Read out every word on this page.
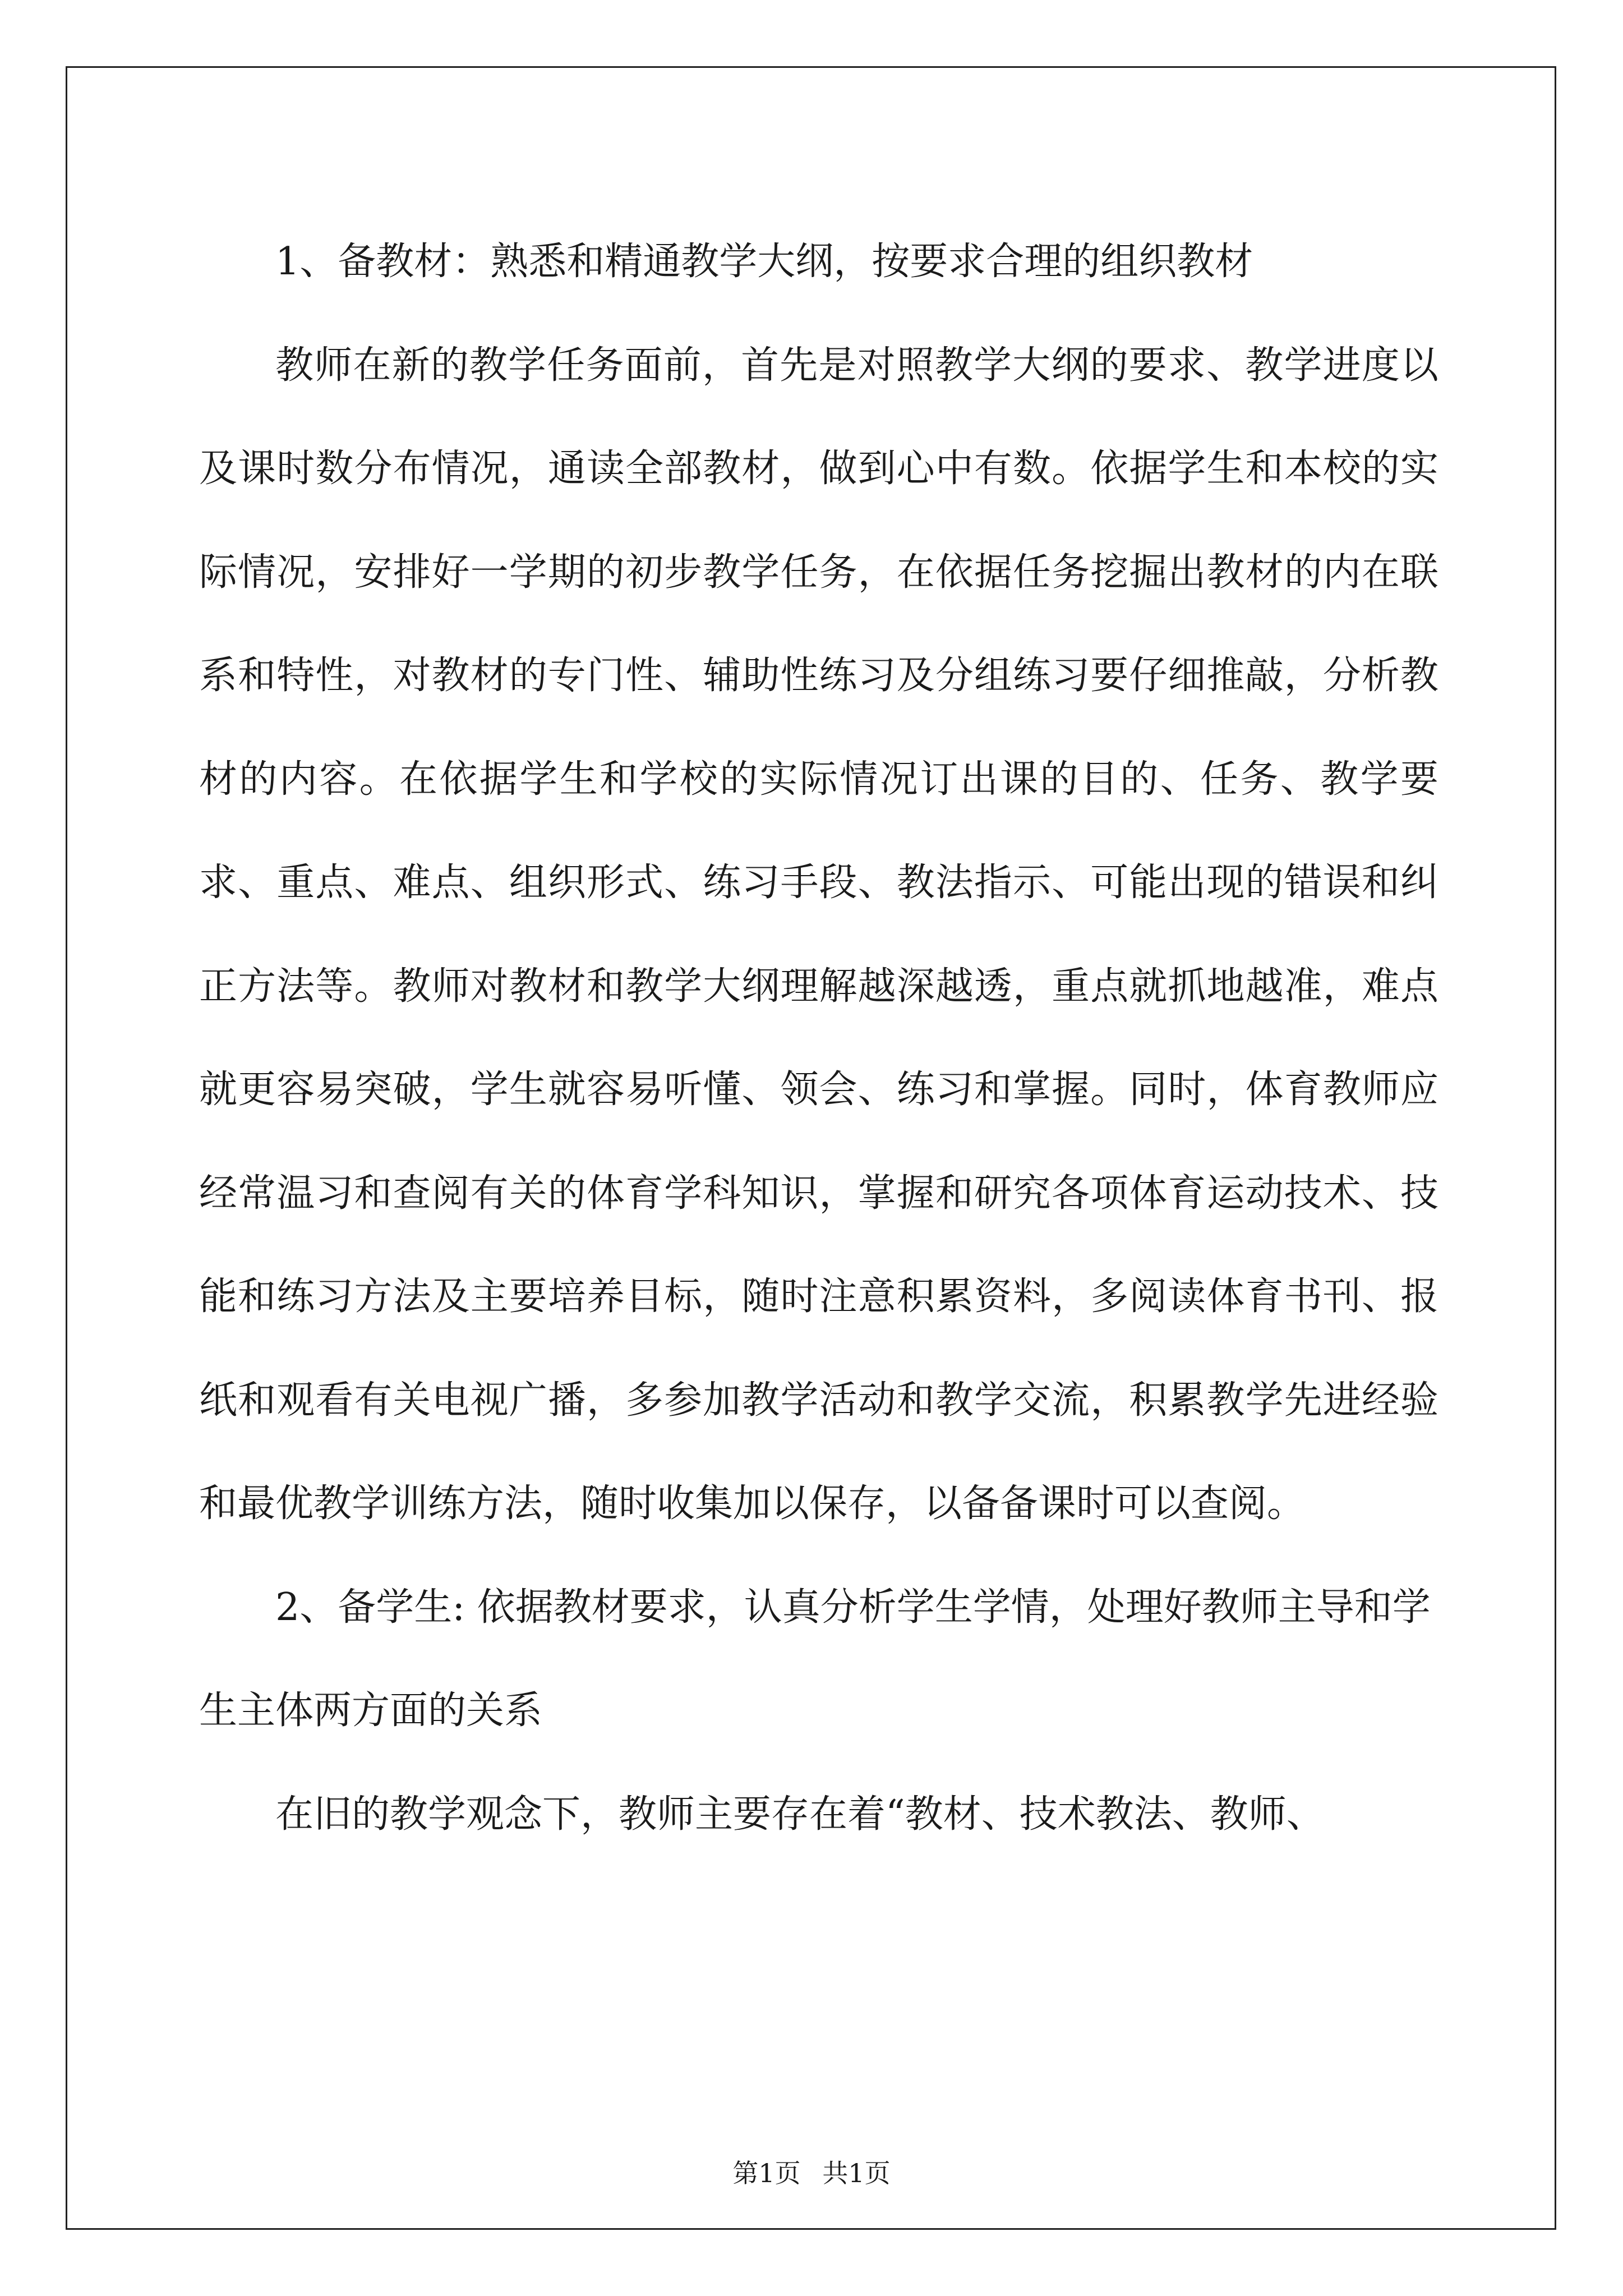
1、备教材：熟悉和精通教学大纲，按要求合理的组织教材

教师在新的教学任务面前，首先是对照教学大纲的要求、教学进度以及课时数分布情况，通读全部教材，做到心中有数。依据学生和本校的实际情况，安排好一学期的初步教学任务，在依据任务挖掘出教材的内在联系和特性，对教材的专门性、辅助性练习及分组练习要仔细推敲，分析教材的内容。在依据学生和学校的实际情况订出课的目的、任务、教学要求、重点、难点、组织形式、练习手段、教法指示、可能出现的错误和纠正方法等。教师对教材和教学大纲理解越深越透，重点就抓地越准，难点就更容易突破，学生就容易听懂、领会、练习和掌握。同时，体育教师应经常温习和查阅有关的体育学科知识，掌握和研究各项体育运动技术、技能和练习方法及主要培养目标，随时注意积累资料，多阅读体育书刊、报纸和观看有关电视广播，多参加教学活动和教学交流，积累教学先进经验和最优教学训练方法，随时收集加以保存，以备备课时可以查阅。

2、备学生: 依据教材要求，认真分析学生学情，处理好教师主导和学生主体两方面的关系

在旧的教学观念下，教师主要存在着“教材、技术教法、教师、

第1页 共1页
